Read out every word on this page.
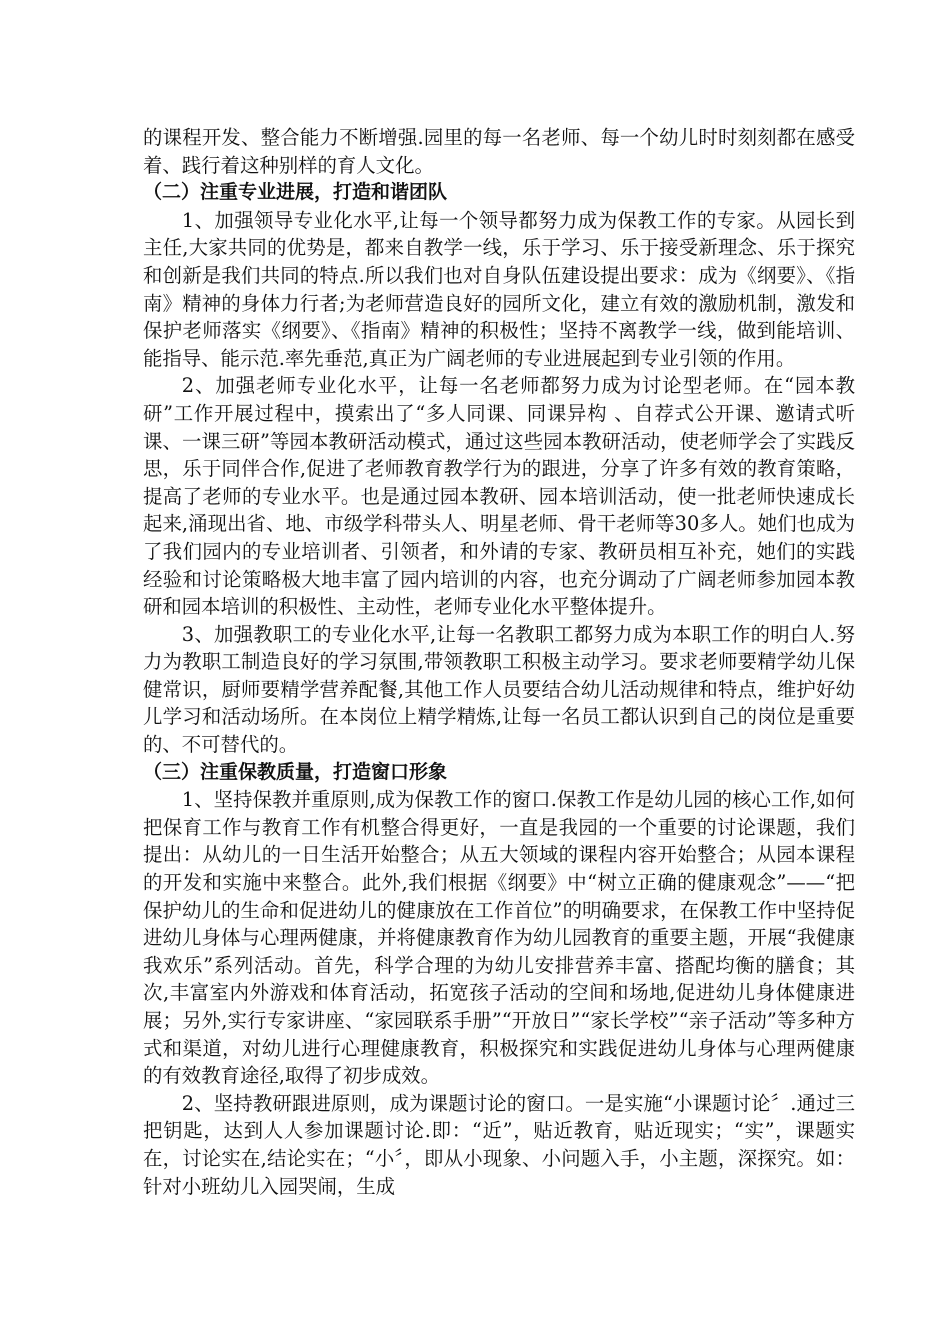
的课程开发、整合能力不断增强.园里的每一名老师、每一个幼儿时时刻刻都在感受着、践行着这种别样的育人文化。

（二）注重专业进展，打造和谐团队

1、加强领导专业化水平,让每一个领导都努力成为保教工作的专家。从园长到主任,大家共同的优势是，都来自教学一线，乐于学习、乐于接受新理念、乐于探究和创新是我们共同的特点.所以我们也对自身队伍建设提出要求：成为《纲要》、《指南》精神的身体力行者;为老师营造良好的园所文化，建立有效的激励机制，激发和保护老师落实《纲要》、《指南》精神的积极性；坚持不离教学一线，做到能培训、能指导、能示范.率先垂范,真正为广阔老师的专业进展起到专业引领的作用。

2、加强老师专业化水平，让每一名老师都努力成为讨论型老师。在“园本教研”工作开展过程中，摸索出了“多人同课、同课异构 、自荐式公开课、邀请式听课、一课三研”等园本教研活动模式，通过这些园本教研活动，使老师学会了实践反思，乐于同伴合作,促进了老师教育教学行为的跟进，分享了许多有效的教育策略，提高了老师的专业水平。也是通过园本教研、园本培训活动，使一批老师快速成长起来,涌现出省、地、市级学科带头人、明星老师、骨干老师等30多人。她们也成为了我们园内的专业培训者、引领者，和外请的专家、教研员相互补充，她们的实践经验和讨论策略极大地丰富了园内培训的内容，也充分调动了广阔老师参加园本教研和园本培训的积极性、主动性，老师专业化水平整体提升。

3、加强教职工的专业化水平,让每一名教职工都努力成为本职工作的明白人.努力为教职工制造良好的学习氛围,带领教职工积极主动学习。要求老师要精学幼儿保健常识，厨师要精学营养配餐,其他工作人员要结合幼儿活动规律和特点，维护好幼儿学习和活动场所。在本岗位上精学精炼,让每一名员工都认识到自己的岗位是重要的、不可替代的。

（三）注重保教质量，打造窗口形象

1、坚持保教并重原则,成为保教工作的窗口.保教工作是幼儿园的核心工作,如何把保育工作与教育工作有机整合得更好，一直是我园的一个重要的讨论课题，我们提出：从幼儿的一日生活开始整合；从五大领域的课程内容开始整合；从园本课程的开发和实施中来整合。此外,我们根据《纲要》中“树立正确的健康观念”——“把保护幼儿的生命和促进幼儿的健康放在工作首位”的明确要求，在保教工作中坚持促进幼儿身体与心理两健康，并将健康教育作为幼儿园教育的重要主题，开展“我健康我欢乐”系列活动。首先，科学合理的为幼儿安排营养丰富、搭配均衡的膳食；其次,丰富室内外游戏和体育活动，拓宽孩子活动的空间和场地,促进幼儿身体健康进展；另外,实行专家讲座、“家园联系手册”“开放日”“家长学校”“亲子活动”等多种方式和渠道，对幼儿进行心理健康教育，积极探究和实践促进幼儿身体与心理两健康的有效教育途径,取得了初步成效。

2、坚持教研跟进原则，成为课题讨论的窗口。一是实施“小课题讨论〞.通过三把钥匙，达到人人参加课题讨论.即：“近”，贴近教育，贴近现实；“实”，课题实在，讨论实在,结论实在；“小〞，即从小现象、小问题入手，小主题，深探究。如：针对小班幼儿入园哭闹，生成
